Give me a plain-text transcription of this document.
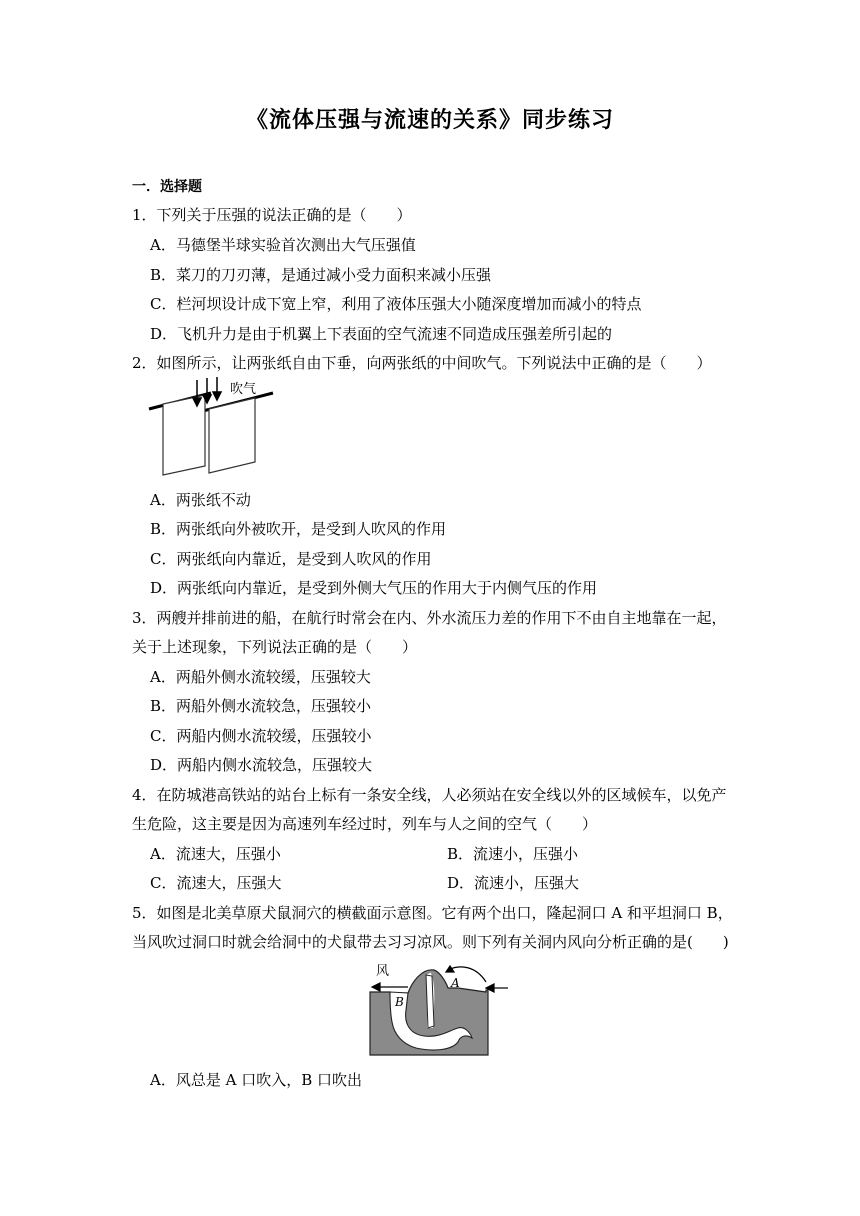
《流体压强与流速的关系》同步练习
一．选择题
1．下列关于压强的说法正确的是（　　）
A．马德堡半球实验首次测出大气压强值
B．菜刀的刀刃薄，是通过减小受力面积来减小压强
C．栏河坝设计成下宽上窄，利用了液体压强大小随深度增加而减小的特点
D．飞机升力是由于机翼上下表面的空气流速不同造成压强差所引起的
2．如图所示，让两张纸自由下垂，向两张纸的中间吹气。下列说法中正确的是（　　）
吹气
A．两张纸不动
B．两张纸向外被吹开，是受到人吹风的作用
C．两张纸向内靠近，是受到人吹风的作用
D．两张纸向内靠近，是受到外侧大气压的作用大于内侧气压的作用
3．两艘并排前进的船，在航行时常会在内、外水流压力差的作用下不由自主地靠在一起，
关于上述现象，下列说法正确的是（　　）
A．两船外侧水流较缓，压强较大
B．两船外侧水流较急，压强较小
C．两船内侧水流较缓，压强较小
D．两船内侧水流较急，压强较大
4．在防城港高铁站的站台上标有一条安全线，人必须站在安全线以外的区域候车，以免产
生危险，这主要是因为高速列车经过时，列车与人之间的空气（　　）
A．流速大，压强小	B．流速小，压强小
C．流速大，压强大	D．流速小，压强大
5．如图是北美草原犬鼠洞穴的横截面示意图。它有两个出口，隆起洞口 A 和平坦洞口 B，
当风吹过洞口时就会给洞中的犬鼠带去习习凉风。则下列有关洞内风向分析正确的是(　　)
风
A
B
A．风总是 A 口吹入，B 口吹出
